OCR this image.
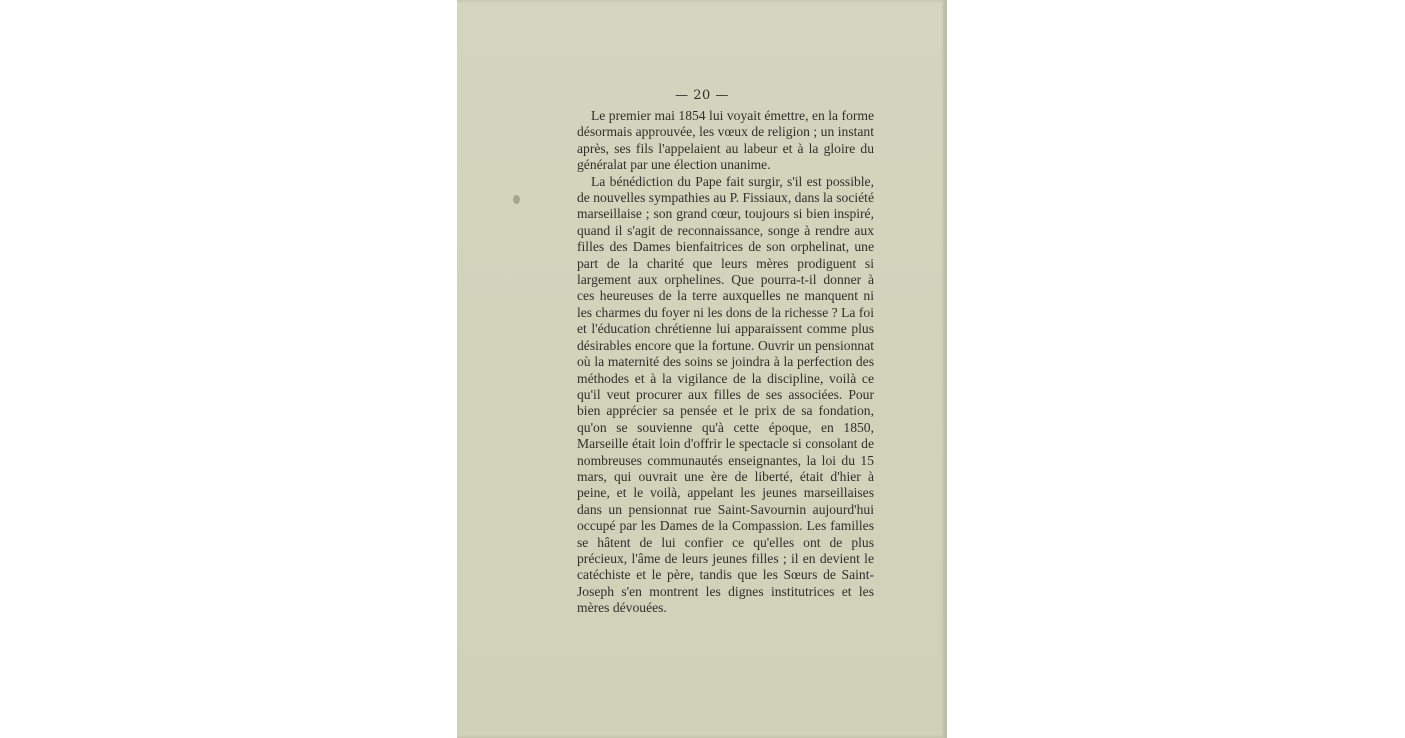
— 20 —

Le premier mai 1854 lui voyait émettre, en la forme désormais approuvée, les vœux de religion ; un instant après, ses fils l'appelaient au labeur et à la gloire du généralat par une élection unanime.

La bénédiction du Pape fait surgir, s'il est possible, de nouvelles sympathies au P. Fissiaux, dans la société marseillaise ; son grand cœur, toujours si bien inspiré, quand il s'agit de reconnaissance, songe à rendre aux filles des Dames bienfaitrices de son orphelinat, une part de la charité que leurs mères prodiguent si largement aux orphelines. Que pourra-t-il donner à ces heureuses de la terre auxquelles ne manquent ni les charmes du foyer ni les dons de la richesse ? La foi et l'éducation chrétienne lui apparaissent comme plus désirables encore que la fortune. Ouvrir un pensionnat où la maternité des soins se joindra à la perfection des méthodes et à la vigilance de la discipline, voilà ce qu'il veut procurer aux filles de ses associées. Pour bien apprécier sa pensée et le prix de sa fondation, qu'on se souvienne qu'à cette époque, en 1850, Marseille était loin d'offrir le spectacle si consolant de nombreuses communautés enseignantes, la loi du 15 mars, qui ouvrait une ère de liberté, était d'hier à peine, et le voilà, appelant les jeunes marseillaises dans un pensionnat rue Saint-Savournin aujourd'hui occupé par les Dames de la Compassion. Les familles se hâtent de lui confier ce qu'elles ont de plus précieux, l'âme de leurs jeunes filles ; il en devient le catéchiste et le père, tandis que les Sœurs de Saint-Joseph s'en montrent les dignes institutrices et les mères dévouées.
